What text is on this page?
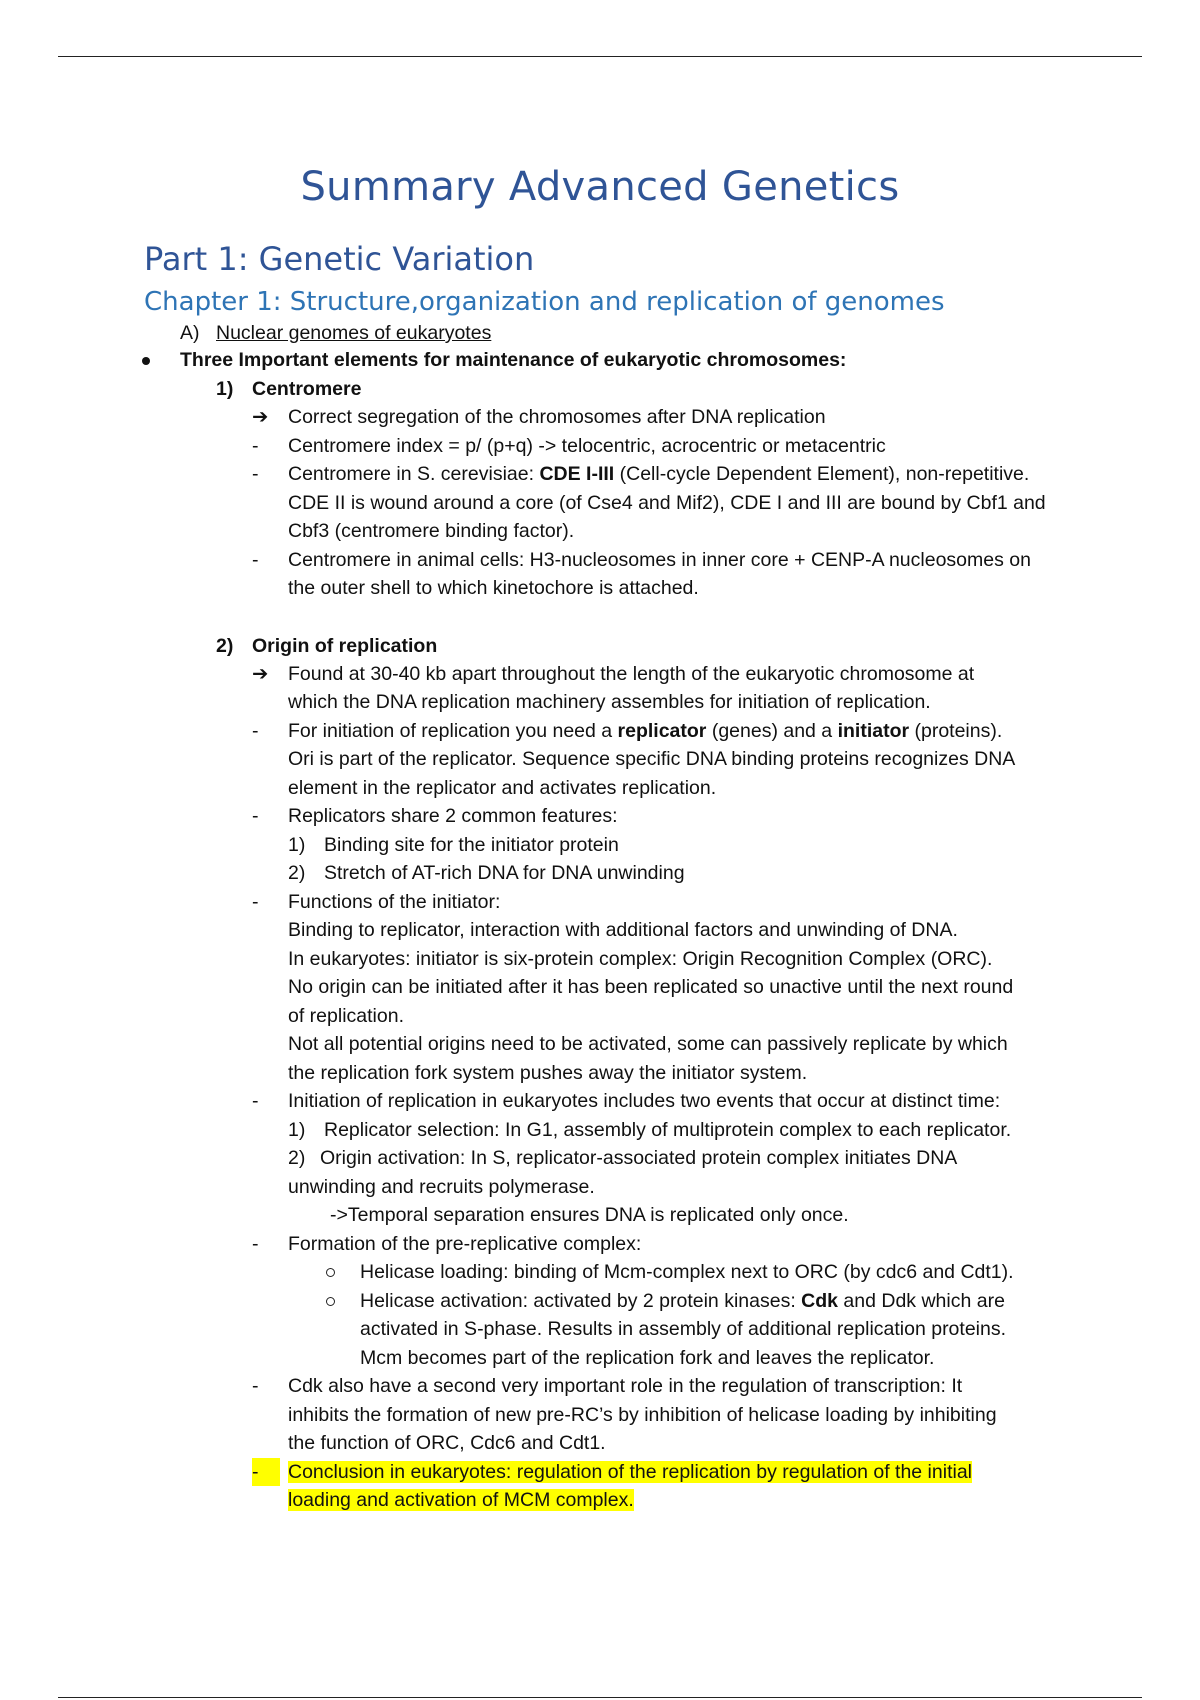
Summary Advanced Genetics
Part 1: Genetic Variation
Chapter 1: Structure,organization and replication of genomes
A) Nuclear genomes of eukaryotes
Three Important elements for maintenance of eukaryotic chromosomes:
1) Centromere
➔ Correct segregation of the chromosomes after DNA replication
- Centromere index = p/ (p+q) -> telocentric, acrocentric or metacentric
- Centromere in S. cerevisiae: CDE I-III (Cell-cycle Dependent Element), non-repetitive.
CDE II is wound around a core (of Cse4 and Mif2), CDE I and III are bound by Cbf1 and
Cbf3 (centromere binding factor).
- Centromere in animal cells: H3-nucleosomes in inner core + CENP-A nucleosomes on
the outer shell to which kinetochore is attached.
2) Origin of replication
➔ Found at 30-40 kb apart throughout the length of the eukaryotic chromosome at
which the DNA replication machinery assembles for initiation of replication.
- For initiation of replication you need a replicator (genes) and a initiator (proteins).
Ori is part of the replicator. Sequence specific DNA binding proteins recognizes DNA
element in the replicator and activates replication.
- Replicators share 2 common features:
1) Binding site for the initiator protein
2) Stretch of AT-rich DNA for DNA unwinding
- Functions of the initiator:
Binding to replicator, interaction with additional factors and unwinding of DNA.
In eukaryotes: initiator is six-protein complex: Origin Recognition Complex (ORC).
No origin can be initiated after it has been replicated so unactive until the next round
of replication.
Not all potential origins need to be activated, some can passively replicate by which
the replication fork system pushes away the initiator system.
- Initiation of replication in eukaryotes includes two events that occur at distinct time:
1) Replicator selection: In G1, assembly of multiprotein complex to each replicator.
2) Origin activation: In S, replicator-associated protein complex initiates DNA
unwinding and recruits polymerase.
->Temporal separation ensures DNA is replicated only once.
- Formation of the pre-replicative complex:
Helicase loading: binding of Mcm-complex next to ORC (by cdc6 and Cdt1).
Helicase activation: activated by 2 protein kinases: Cdk and Ddk which are
activated in S-phase. Results in assembly of additional replication proteins.
Mcm becomes part of the replication fork and leaves the replicator.
- Cdk also have a second very important role in the regulation of transcription: It
inhibits the formation of new pre-RC’s by inhibition of helicase loading by inhibiting
the function of ORC, Cdc6 and Cdt1.
-	Conclusion in eukaryotes: regulation of the replication by regulation of the initial
loading and activation of MCM complex.
